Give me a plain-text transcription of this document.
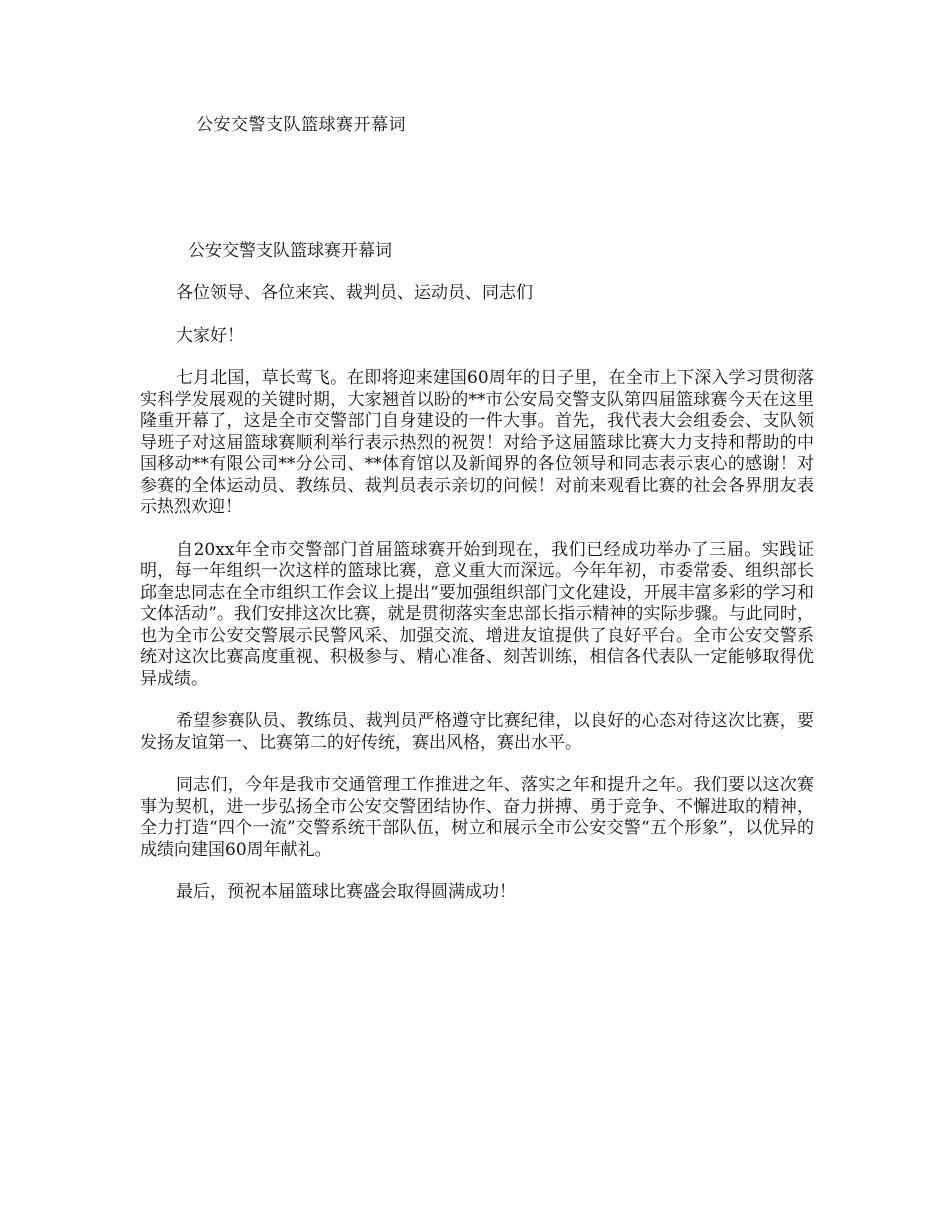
公安交警支队篮球赛开幕词
公安交警支队篮球赛开幕词

各位领导、各位来宾、裁判员、运动员、同志们

大家好！

七月北国，草长莺飞。在即将迎来建国60周年的日子里，在全市上下深入学习贯彻落实科学发展观的关键时期，大家翘首以盼的**市公安局交警支队第四届篮球赛今天在这里隆重开幕了，这是全市交警部门自身建设的一件大事。首先，我代表大会组委会、支队领导班子对这届篮球赛顺利举行表示热烈的祝贺！对给予这届篮球比赛大力支持和帮助的中国移动**有限公司**分公司、**体育馆以及新闻界的各位领导和同志表示衷心的感谢！对参赛的全体运动员、教练员、裁判员表示亲切的问候！对前来观看比赛的社会各界朋友表示热烈欢迎！

自20xx年全市交警部门首届篮球赛开始到现在，我们已经成功举办了三届。实践证明，每一年组织一次这样的篮球比赛，意义重大而深远。今年年初，市委常委、组织部长邱奎忠同志在全市组织工作会议上提出“要加强组织部门文化建设，开展丰富多彩的学习和文体活动”。我们安排这次比赛，就是贯彻落实奎忠部长指示精神的实际步骤。与此同时，也为全市公安交警展示民警风采、加强交流、增进友谊提供了良好平台。全市公安交警系统对这次比赛高度重视、积极参与、精心准备、刻苦训练，相信各代表队一定能够取得优异成绩。

希望参赛队员、教练员、裁判员严格遵守比赛纪律，以良好的心态对待这次比赛，要发扬友谊第一、比赛第二的好传统，赛出风格，赛出水平。

同志们，今年是我市交通管理工作推进之年、落实之年和提升之年。我们要以这次赛事为契机，进一步弘扬全市公安交警团结协作、奋力拼搏、勇于竞争、不懈进取的精神，全力打造“四个一流”交警系统干部队伍，树立和展示全市公安交警“五个形象”，以优异的成绩向建国60周年献礼。

最后，预祝本届篮球比赛盛会取得圆满成功！
